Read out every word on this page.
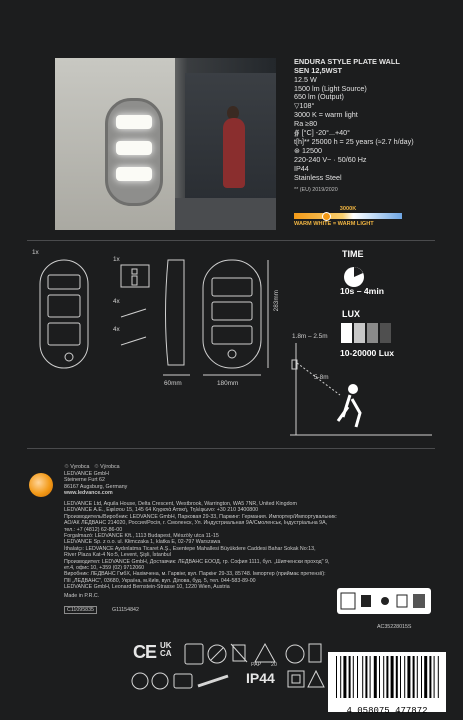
ENDURA STYLE PLATE WALL
SEN 12,5WST
12.5 W
1500 lm (Light Source)
650 lm (Output)
▽108°
3000 K = warm light
Ra ≥80
∯ [°C] -20°...+40°
t[h]** 25000 h = 25 years (≈2.7 h/day)
⊛ 12500
220-240 V~ · 50/60 Hz
IP44
Stainless Steel
** (EU) 2019/2020
3000K
WARM WHITE = WARM LIGHT
1x
1x
4x
4x
60mm	180mm
283mm
1.8m – 2.5m
5-8m
TIME
10s – 4min
LUX
10-20000 Lux
♲ Vyrobca   ♲ Výrobca
LEDVANCE GmbH
Steinerne Furt 62
86167 Augsburg, Germany
www.ledvance.com
LEDVANCE Ltd, Aquila House, Delta Crescent, Westbrook, Warrington, WA5 7NR, United Kingdom
LEDVANCE A.E., Εφέσου 15, 145 64 Κηφισιά Αττική, Τηλέφωνο: +30 210 3400800
Производитель/Виробник: LEDVANCE GmbH, Парковая 29-33, Паркинг: Германия. Импортер/Импортувальник:
АО/АК ЛЕДВАНС 214020, Россия/Росія, г. Смоленск, Ул. Индустриальная 9А/Смоленськ, Індустріальна 9А,
тел.: +7 (4812) 62-86-00
Forgalmazó: LEDVANCE Kft., 1113 Budapest, Mészöly utca 11-15
LEDVANCE Sp. z o.o. ul. Kłimczaka 1, klatka E, 02-797 Warszawa
İthalatçı: LEDVANCE Aydınlatma Ticaret A.Ş., Esentepe Mahallesi Büyükdere Caddesi Bahar Sokak No:13,
River Plaza Kat-4 No:5, Levent, Şişli, İstanbul
Производител: LEDVANCE GmbH, Доставчик: ЛЕДВАНС ЕООД, гр. София 1111, бул. „Шипченски проход" 9,
ет.4, офис 10, +359 (02) 9712060
Виробник: ЛЕДВАНС ГмбХ, Нахімчена, м. Гарвінг, вул. Паркінг 29-33, 85748. Імпортер (приймає претензії):
ПІІ „ЛЕДВАНС", 03680, Україна, м.Київ, вул. Ділова, буд. 5, тел. 044-583-89-00
LEDVANCE GmbH, Leonard Bernstein-Strasse 10, 1220 Wien, Austria
Made in P.R.C.
C11095835	G11154842
AC35228015S
CE UK CA
PAP 20
IP44
4 058075 477872
